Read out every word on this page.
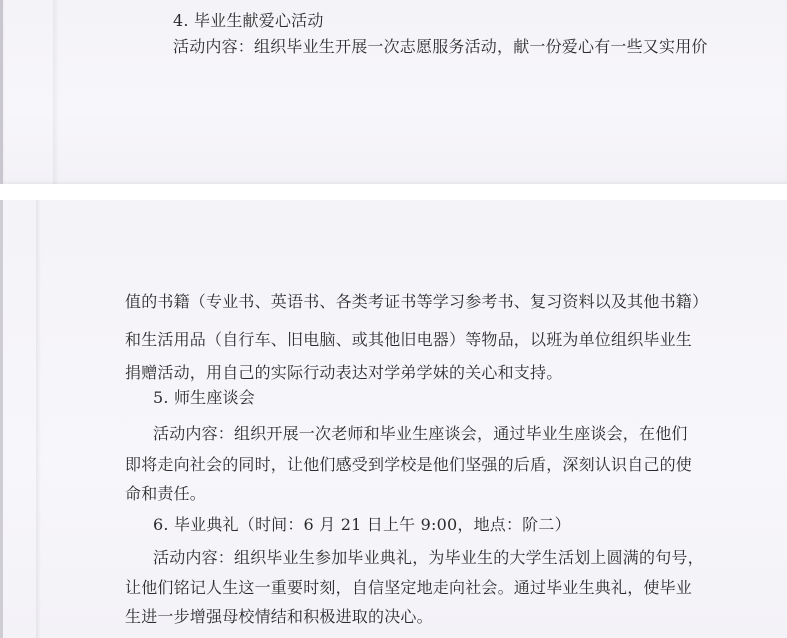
4. 毕业生献爱心活动
活动内容：组织毕业生开展一次志愿服务活动，献一份爱心有一些又实用价
值的书籍（专业书、英语书、各类考证书等学习参考书、复习资料以及其他书籍）
和生活用品（自行车、旧电脑、或其他旧电器）等物品，以班为单位组织毕业生
捐赠活动，用自己的实际行动表达对学弟学妹的关心和支持。
5. 师生座谈会
活动内容：组织开展一次老师和毕业生座谈会，通过毕业生座谈会，在他们
即将走向社会的同时，让他们感受到学校是他们坚强的后盾，深刻认识自己的使
命和责任。
6. 毕业典礼（时间：6 月 21 日上午 9:00，地点：阶二）
活动内容：组织毕业生参加毕业典礼，为毕业生的大学生活划上圆满的句号，
让他们铭记人生这一重要时刻，自信坚定地走向社会。通过毕业生典礼，使毕业
生进一步增强母校情结和积极进取的决心。
